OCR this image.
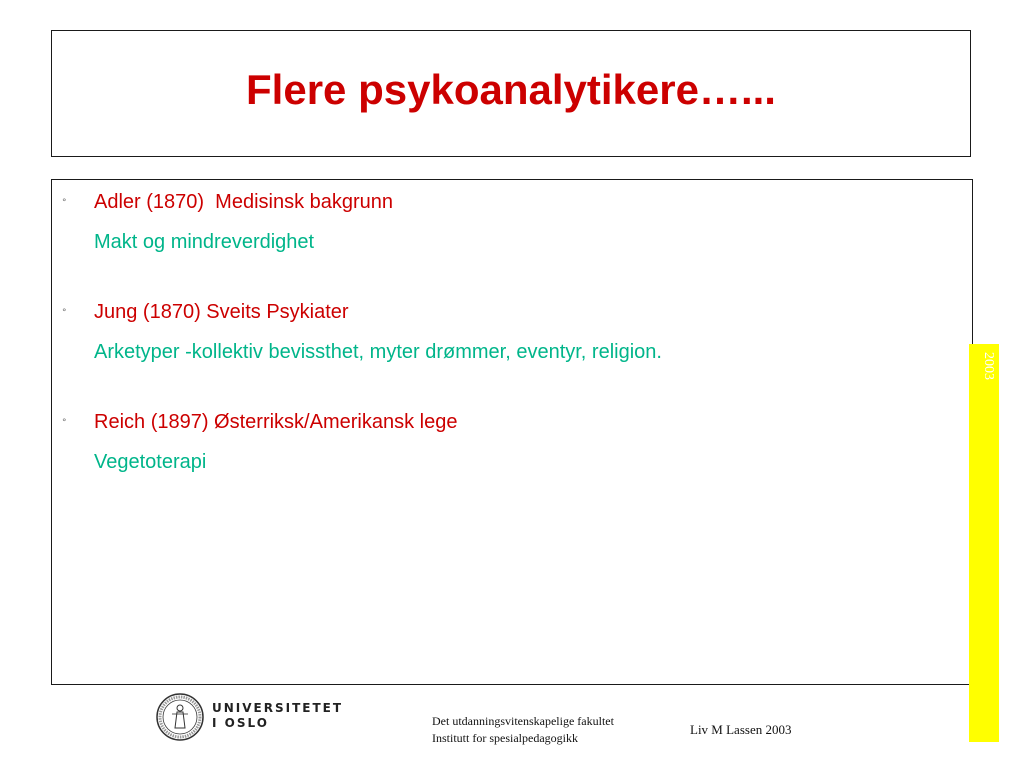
Flere psykoanalytikere…...
° Adler (1870)  Medisinsk bakgrunn
Makt og mindreverdighet
° Jung (1870) Sveits Psykiater
Arketyper -kollektiv bevissthet, myter drømmer, eventyr, religion.
° Reich (1897) Østerriksk/Amerikansk lege
Vegetoterapi
2003
UNIVERSITETET
I OSLO	Det utdanningsvitenskapelige fakultet
Institutt for spesialpedagogikk
Liv M Lassen 2003
